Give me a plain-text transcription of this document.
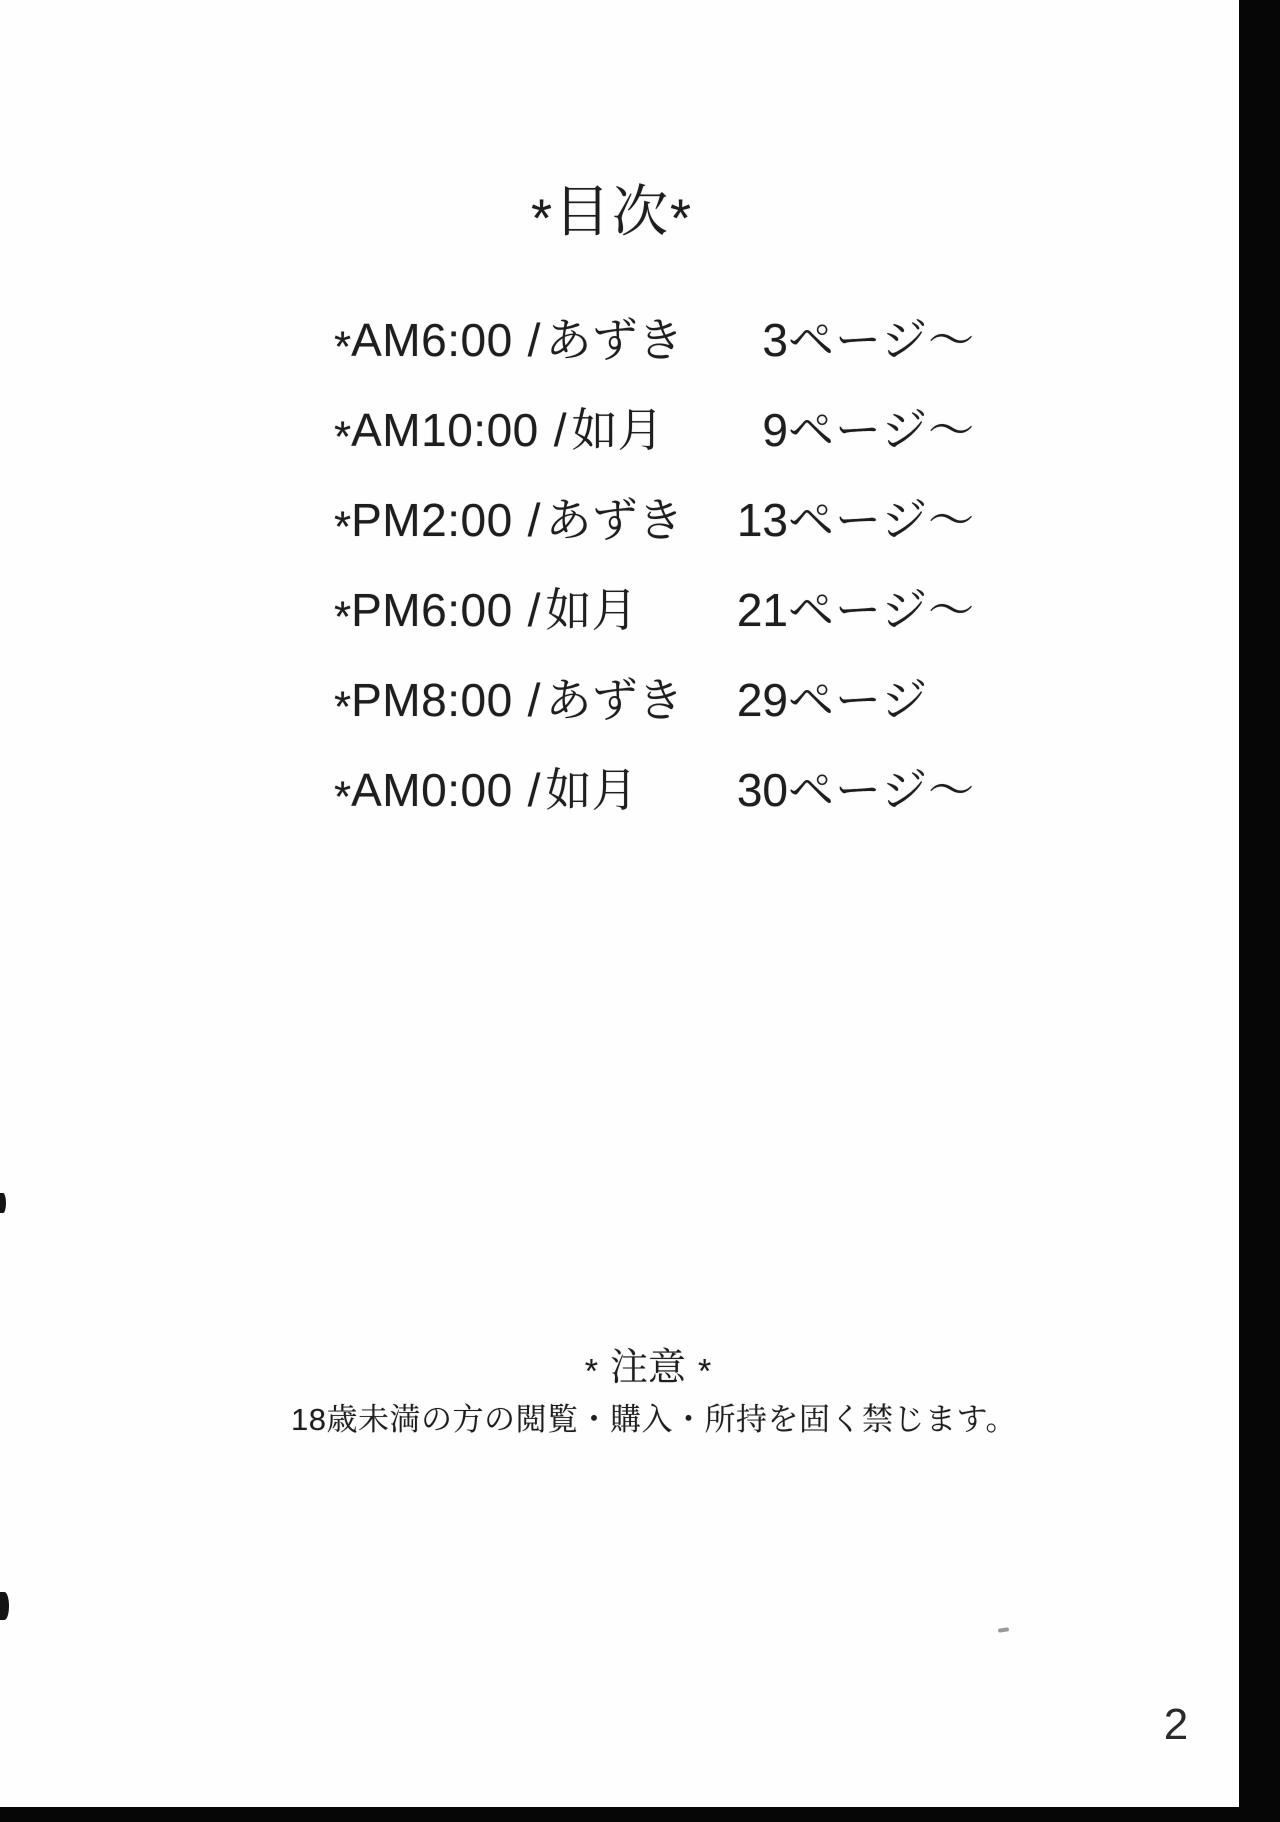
*目次*
*AM6:00 / あずき	3ページ～
*AM10:00 / 如月	9ページ～
*PM2:00 / あずき 13ページ～
*PM6:00 / 如月 21ページ～
*PM8:00 / あずき 29ページ
*AM0:00 / 如月 30ページ～
* 注意 *
18歳未満の方の閲覧・購入・所持を固く禁じます。
2
